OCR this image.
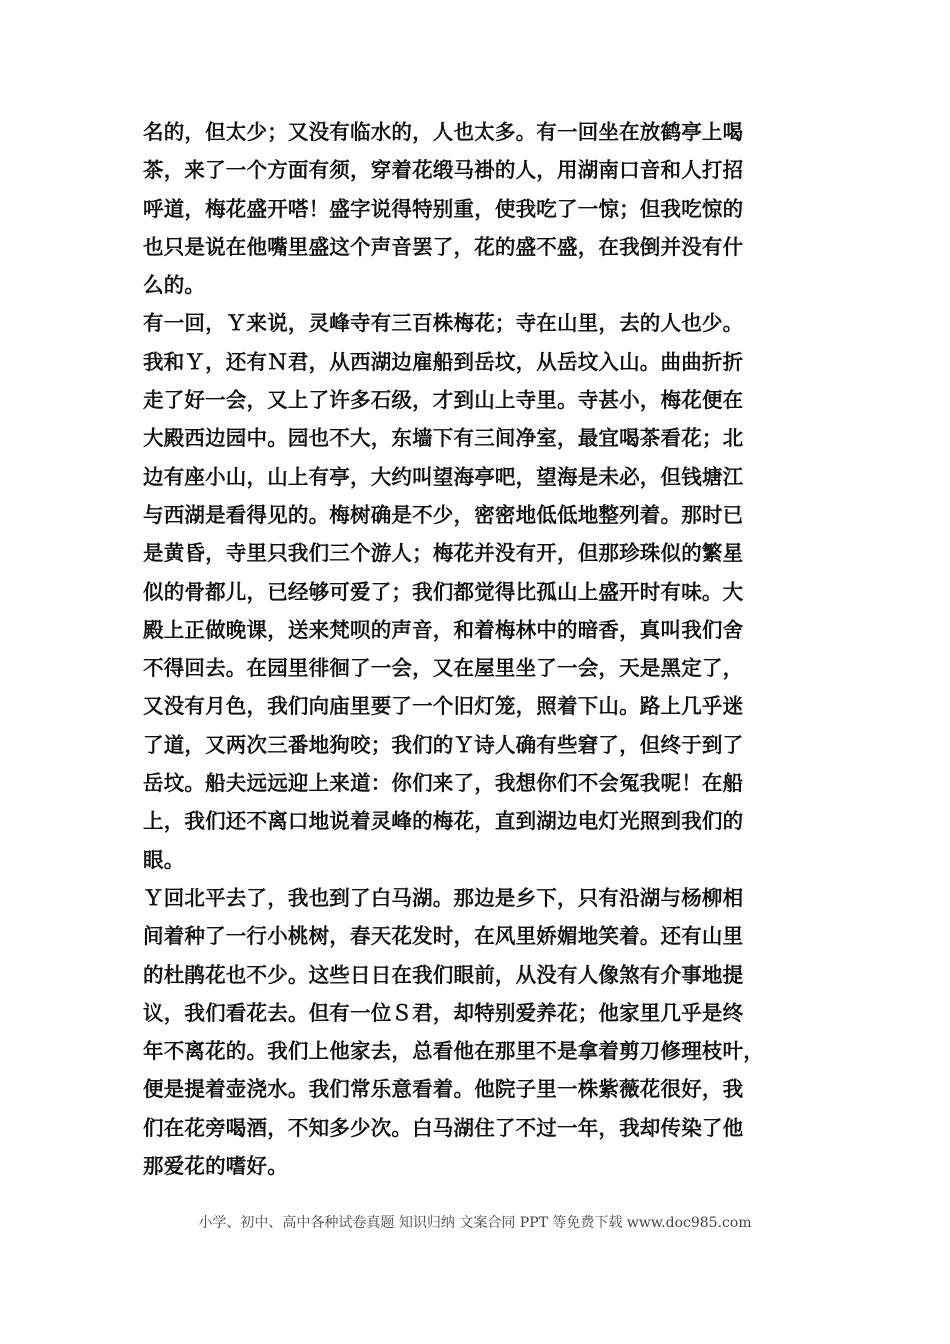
名的，但太少；又没有临水的，人也太多。有一回坐在放鹤亭上喝
茶，来了一个方面有须，穿着花缎马褂的人，用湖南口音和人打招
呼道，梅花盛开嗒！盛字说得特别重，使我吃了一惊；但我吃惊的
也只是说在他嘴里盛这个声音罢了，花的盛不盛，在我倒并没有什
么的。
有一回，Ｙ来说，灵峰寺有三百株梅花；寺在山里，去的人也少。
我和Ｙ，还有Ｎ君，从西湖边雇船到岳坟，从岳坟入山。曲曲折折
走了好一会，又上了许多石级，才到山上寺里。寺甚小，梅花便在
大殿西边园中。园也不大，东墙下有三间净室，最宜喝茶看花；北
边有座小山，山上有亭，大约叫望海亭吧，望海是未必，但钱塘江
与西湖是看得见的。梅树确是不少，密密地低低地整列着。那时已
是黄昏，寺里只我们三个游人；梅花并没有开，但那珍珠似的繁星
似的骨都儿，已经够可爱了；我们都觉得比孤山上盛开时有味。大
殿上正做晚课，送来梵呗的声音，和着梅林中的暗香，真叫我们舍
不得回去。在园里徘徊了一会，又在屋里坐了一会，天是黑定了，
又没有月色，我们向庙里要了一个旧灯笼，照着下山。路上几乎迷
了道，又两次三番地狗咬；我们的Ｙ诗人确有些窘了，但终于到了
岳坟。船夫远远迎上来道：你们来了，我想你们不会冤我呢！在船
上，我们还不离口地说着灵峰的梅花，直到湖边电灯光照到我们的
眼。
Ｙ回北平去了，我也到了白马湖。那边是乡下，只有沿湖与杨柳相
间着种了一行小桃树，春天花发时，在风里娇媚地笑着。还有山里
的杜鹃花也不少。这些日日在我们眼前，从没有人像煞有介事地提
议，我们看花去。但有一位Ｓ君，却特别爱养花；他家里几乎是终
年不离花的。我们上他家去，总看他在那里不是拿着剪刀修理枝叶，
便是提着壶浇水。我们常乐意看着。他院子里一株紫薇花很好，我
们在花旁喝酒，不知多少次。白马湖住了不过一年，我却传染了他
那爱花的嗜好。
小学、初中、高中各种试卷真题 知识归纳 文案合同 PPT 等免费下载 www.doc985.com
